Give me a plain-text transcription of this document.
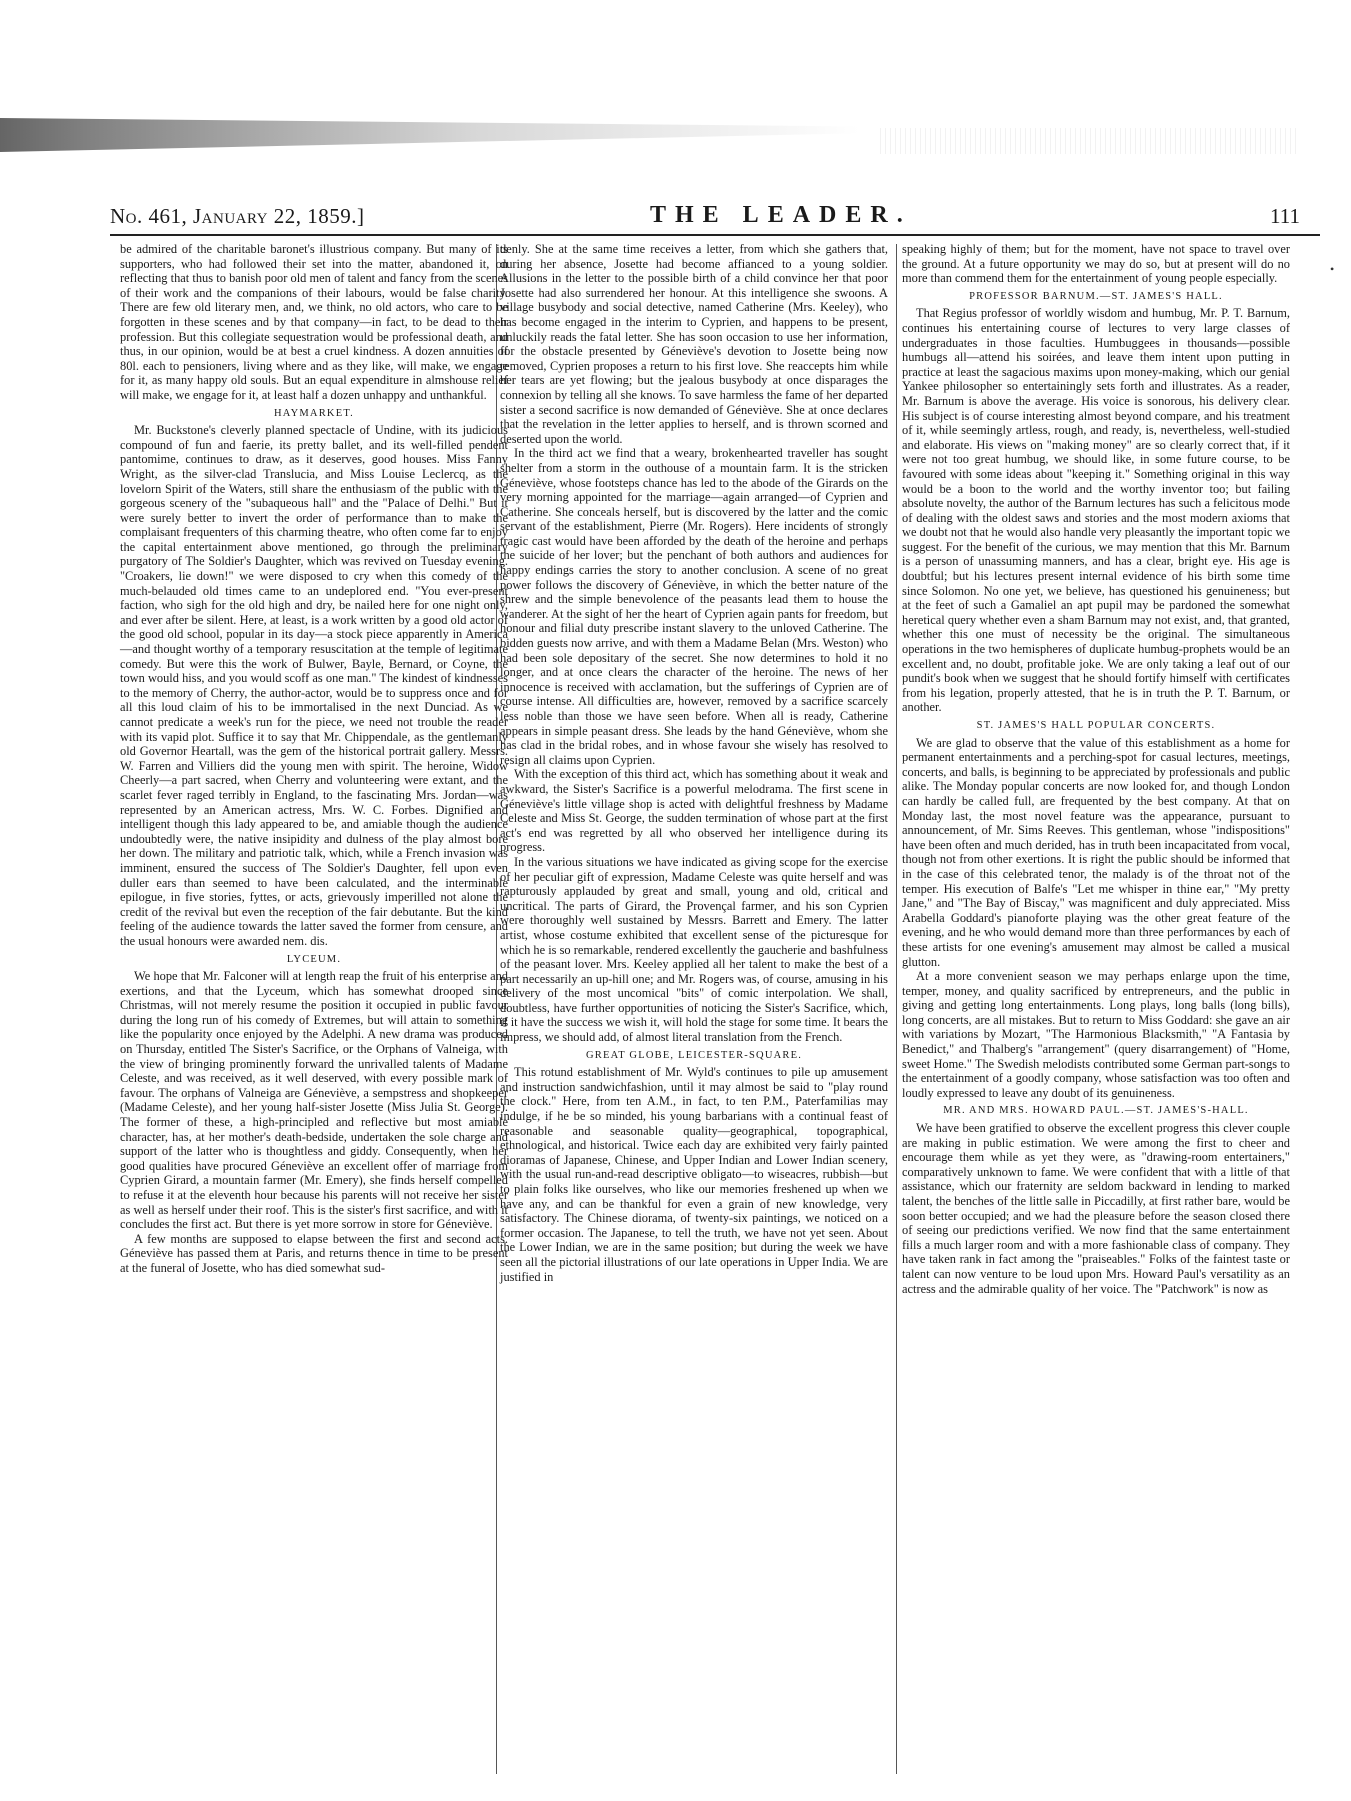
No. 461, January 22, 1859.]	THE LEADER.	111

be admired of the charitable baronet's illustrious company. But many of its supporters, who had followed their set into the matter, abandoned it, on reflecting that thus to banish poor old men of talent and fancy from the scenes of their work and the companions of their labours, would be false charity. There are few old literary men, and, we think, no old actors, who care to be forgotten in these scenes and by that company—in fact, to be dead to their profession. But this collegiate sequestration would be professional death, and thus, in our opinion, would be at best a cruel kindness. A dozen annuities of 80l. each to pensioners, living where and as they like, will make, we engage for it, as many happy old souls. But an equal expenditure in almshouse relief will make, we engage for it, at least half a dozen unhappy and unthankful.

HAYMARKET.

Mr. Buckstone's cleverly planned spectacle of Undine, with its judicious compound of fun and faerie, its pretty ballet, and its well-filled pendent pantomime, continues to draw, as it deserves, good houses. Miss Fanny Wright, as the silver-clad Translucia, and Miss Louise Leclercq, as the lovelorn Spirit of the Waters, still share the enthusiasm of the public with the gorgeous scenery of the "subaqueous hall" and the "Palace of Delhi." But it were surely better to invert the order of performance than to make the complaisant frequenters of this charming theatre, who often come far to enjoy the capital entertainment above mentioned, go through the preliminary purgatory of The Soldier's Daughter, which was revived on Tuesday evening. "Croakers, lie down!" we were disposed to cry when this comedy of the much-belauded old times came to an undeplored end. "You ever-present faction, who sigh for the old high and dry, be nailed here for one night only, and ever after be silent. Here, at least, is a work written by a good old actor of the good old school, popular in its day—a stock piece apparently in America—and thought worthy of a temporary resuscitation at the temple of legitimate comedy. But were this the work of Bulwer, Bayle, Bernard, or Coyne, the town would hiss, and you would scoff as one man." The kindest of kindnesses to the memory of Cherry, the author-actor, would be to suppress once and for all this loud claim of his to be immortalised in the next Dunciad. As we cannot predicate a week's run for the piece, we need not trouble the reader with its vapid plot. Suffice it to say that Mr. Chippendale, as the gentlemanly old Governor Heartall, was the gem of the historical portrait gallery. Messrs. W. Farren and Villiers did the young men with spirit. The heroine, Widow Cheerly—a part sacred, when Cherry and volunteering were extant, and the scarlet fever raged terribly in England, to the fascinating Mrs. Jordan—was represented by an American actress, Mrs. W. C. Forbes. Dignified and intelligent though this lady appeared to be, and amiable though the audience undoubtedly were, the native insipidity and dulness of the play almost bore her down. The military and patriotic talk, which, while a French invasion was imminent, ensured the success of The Soldier's Daughter, fell upon even duller ears than seemed to have been calculated, and the interminable epilogue, in five stories, fyttes, or acts, grievously imperilled not alone the credit of the revival but even the reception of the fair debutante. But the kind feeling of the audience towards the latter saved the former from censure, and the usual honours were awarded nem. dis.

LYCEUM.

We hope that Mr. Falconer will at length reap the fruit of his enterprise and exertions, and that the Lyceum, which has somewhat drooped since Christmas, will not merely resume the position it occupied in public favour during the long run of his comedy of Extremes, but will attain to something like the popularity once enjoyed by the Adelphi. A new drama was produced on Thursday, entitled The Sister's Sacrifice, or the Orphans of Valneiga, with the view of bringing prominently forward the unrivalled talents of Madame Celeste, and was received, as it well deserved, with every possible mark of favour. The orphans of Valneiga are Géneviève, a sempstress and shopkeeper (Madame Celeste), and her young half-sister Josette (Miss Julia St. George). The former of these, a high-principled and reflective but most amiable character, has, at her mother's death-bedside, undertaken the sole charge and support of the latter who is thoughtless and giddy. Consequently, when her good qualities have procured Géneviève an excellent offer of marriage from Cyprien Girard, a mountain farmer (Mr. Emery), she finds herself compelled to refuse it at the eleventh hour because his parents will not receive her sister as well as herself under their roof. This is the sister's first sacrifice, and with it concludes the first act. But there is yet more sorrow in store for Géneviève.

A few months are supposed to elapse between the first and second acts. Géneviève has passed them at Paris, and returns thence in time to be present at the funeral of Josette, who has died somewhat sud-

denly. She at the same time receives a letter, from which she gathers that, during her absence, Josette had become affianced to a young soldier. Allusions in the letter to the possible birth of a child convince her that poor Josette had also surrendered her honour. At this intelligence she swoons. A village busybody and social detective, named Catherine (Mrs. Keeley), who has become engaged in the interim to Cyprien, and happens to be present, unluckily reads the fatal letter. She has soon occasion to use her information, for the obstacle presented by Géneviève's devotion to Josette being now removed, Cyprien proposes a return to his first love. She reaccepts him while her tears are yet flowing; but the jealous busybody at once disparages the connexion by telling all she knows. To save harmless the fame of her departed sister a second sacrifice is now demanded of Géneviève. She at once declares that the revelation in the letter applies to herself, and is thrown scorned and deserted upon the world.

In the third act we find that a weary, brokenhearted traveller has sought shelter from a storm in the outhouse of a mountain farm. It is the stricken Géneviève, whose footsteps chance has led to the abode of the Girards on the very morning appointed for the marriage—again arranged—of Cyprien and Catherine. She conceals herself, but is discovered by the latter and the comic servant of the establishment, Pierre (Mr. Rogers). Here incidents of strongly tragic cast would have been afforded by the death of the heroine and perhaps the suicide of her lover; but the penchant of both authors and audiences for happy endings carries the story to another conclusion. A scene of no great power follows the discovery of Géneviève, in which the better nature of the shrew and the simple benevolence of the peasants lead them to house the wanderer. At the sight of her the heart of Cyprien again pants for freedom, but honour and filial duty prescribe instant slavery to the unloved Catherine. The bidden guests now arrive, and with them a Madame Belan (Mrs. Weston) who had been sole depositary of the secret. She now determines to hold it no longer, and at once clears the character of the heroine. The news of her innocence is received with acclamation, but the sufferings of Cyprien are of course intense. All difficulties are, however, removed by a sacrifice scarcely less noble than those we have seen before. When all is ready, Catherine appears in simple peasant dress. She leads by the hand Géneviève, whom she has clad in the bridal robes, and in whose favour she wisely has resolved to resign all claims upon Cyprien.

With the exception of this third act, which has something about it weak and awkward, the Sister's Sacrifice is a powerful melodrama. The first scene in Géneviève's little village shop is acted with delightful freshness by Madame Celeste and Miss St. George, the sudden termination of whose part at the first act's end was regretted by all who observed her intelligence during its progress.

In the various situations we have indicated as giving scope for the exercise of her peculiar gift of expression, Madame Celeste was quite herself and was rapturously applauded by great and small, young and old, critical and uncritical. The parts of Girard, the Provençal farmer, and his son Cyprien were thoroughly well sustained by Messrs. Barrett and Emery. The latter artist, whose costume exhibited that excellent sense of the picturesque for which he is so remarkable, rendered excellently the gaucherie and bashfulness of the peasant lover. Mrs. Keeley applied all her talent to make the best of a part necessarily an up-hill one; and Mr. Rogers was, of course, amusing in his delivery of the most uncomical "bits" of comic interpolation. We shall, doubtless, have further opportunities of noticing the Sister's Sacrifice, which, if it have the success we wish it, will hold the stage for some time. It bears the impress, we should add, of almost literal translation from the French.

GREAT GLOBE, LEICESTER-SQUARE.

This rotund establishment of Mr. Wyld's continues to pile up amusement and instruction sandwichfashion, until it may almost be said to "play round the clock." Here, from ten A.M., in fact, to ten P.M., Paterfamilias may indulge, if he be so minded, his young barbarians with a continual feast of reasonable and seasonable quality—geographical, topographical, ethnological, and historical. Twice each day are exhibited very fairly painted dioramas of Japanese, Chinese, and Upper Indian and Lower Indian scenery, with the usual run-and-read descriptive obligato—to wiseacres, rubbish—but to plain folks like ourselves, who like our memories freshened up when we have any, and can be thankful for even a grain of new knowledge, very satisfactory. The Chinese diorama, of twenty-six paintings, we noticed on a former occasion. The Japanese, to tell the truth, we have not yet seen. About the Lower Indian, we are in the same position; but during the week we have seen all the pictorial illustrations of our late operations in Upper India. We are justified in

speaking highly of them; but for the moment, have not space to travel over the ground. At a future opportunity we may do so, but at present will do no more than commend them for the entertainment of young people especially.

PROFESSOR BARNUM.—ST. JAMES'S HALL.

That Regius professor of worldly wisdom and humbug, Mr. P. T. Barnum, continues his entertaining course of lectures to very large classes of undergraduates in those faculties. Humbuggees in thousands—possible humbugs all—attend his soirées, and leave them intent upon putting in practice at least the sagacious maxims upon money-making, which our genial Yankee philosopher so entertainingly sets forth and illustrates. As a reader, Mr. Barnum is above the average. His voice is sonorous, his delivery clear. His subject is of course interesting almost beyond compare, and his treatment of it, while seemingly artless, rough, and ready, is, nevertheless, well-studied and elaborate. His views on "making money" are so clearly correct that, if it were not too great humbug, we should like, in some future course, to be favoured with some ideas about "keeping it." Something original in this way would be a boon to the world and the worthy inventor too; but failing absolute novelty, the author of the Barnum lectures has such a felicitous mode of dealing with the oldest saws and stories and the most modern axioms that we doubt not that he would also handle very pleasantly the important topic we suggest. For the benefit of the curious, we may mention that this Mr. Barnum is a person of unassuming manners, and has a clear, bright eye. His age is doubtful; but his lectures present internal evidence of his birth some time since Solomon. No one yet, we believe, has questioned his genuineness; but at the feet of such a Gamaliel an apt pupil may be pardoned the somewhat heretical query whether even a sham Barnum may not exist, and, that granted, whether this one must of necessity be the original. The simultaneous operations in the two hemispheres of duplicate humbug-prophets would be an excellent and, no doubt, profitable joke. We are only taking a leaf out of our pundit's book when we suggest that he should fortify himself with certificates from his legation, properly attested, that he is in truth the P. T. Barnum, or another.

ST. JAMES'S HALL POPULAR CONCERTS.

We are glad to observe that the value of this establishment as a home for permanent entertainments and a perching-spot for casual lectures, meetings, concerts, and balls, is beginning to be appreciated by professionals and public alike. The Monday popular concerts are now looked for, and though London can hardly be called full, are frequented by the best company. At that on Monday last, the most novel feature was the appearance, pursuant to announcement, of Mr. Sims Reeves. This gentleman, whose "indispositions" have been often and much derided, has in truth been incapacitated from vocal, though not from other exertions. It is right the public should be informed that in the case of this celebrated tenor, the malady is of the throat not of the temper. His execution of Balfe's "Let me whisper in thine ear," "My pretty Jane," and "The Bay of Biscay," was magnificent and duly appreciated. Miss Arabella Goddard's pianoforte playing was the other great feature of the evening, and he who would demand more than three performances by each of these artists for one evening's amusement may almost be called a musical glutton.

At a more convenient season we may perhaps enlarge upon the time, temper, money, and quality sacrificed by entrepreneurs, and the public in giving and getting long entertainments. Long plays, long balls (long bills), long concerts, are all mistakes. But to return to Miss Goddard: she gave an air with variations by Mozart, "The Harmonious Blacksmith," "A Fantasia by Benedict," and Thalberg's "arrangement" (query disarrangement) of "Home, sweet Home." The Swedish melodists contributed some German part-songs to the entertainment of a goodly company, whose satisfaction was too often and loudly expressed to leave any doubt of its genuineness.

MR. AND MRS. HOWARD PAUL.—ST. JAMES'S-HALL.

We have been gratified to observe the excellent progress this clever couple are making in public estimation. We were among the first to cheer and encourage them while as yet they were, as "drawing-room entertainers," comparatively unknown to fame. We were confident that with a little of that assistance, which our fraternity are seldom backward in lending to marked talent, the benches of the little salle in Piccadilly, at first rather bare, would be soon better occupied; and we had the pleasure before the season closed there of seeing our predictions verified. We now find that the same entertainment fills a much larger room and with a more fashionable class of company. They have taken rank in fact among the "praiseables." Folks of the faintest taste or talent can now venture to be loud upon Mrs. Howard Paul's versatility as an actress and the admirable quality of her voice. The "Patchwork" is now as

•
